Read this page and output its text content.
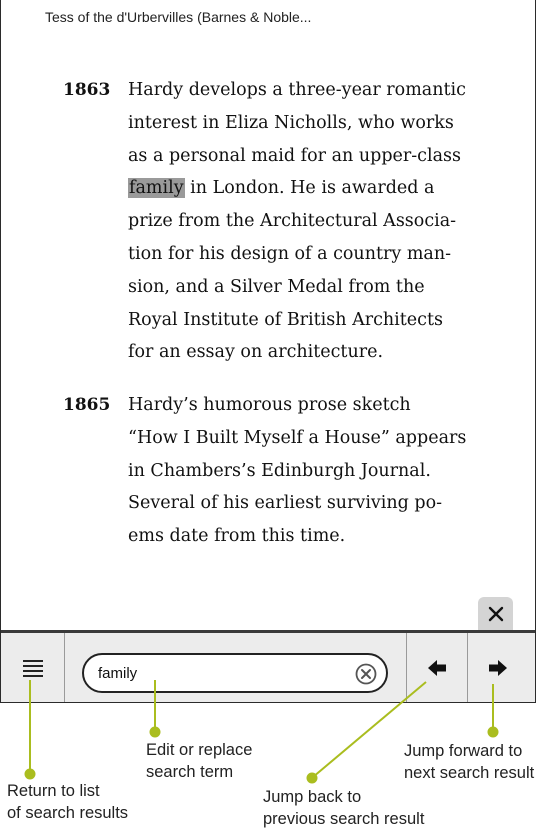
Tess of the d'Urbervilles (Barnes & Noble...
1863 Hardy develops a three-year romantic
interest in Eliza Nicholls, who works
as a personal maid for an upper-class
family in London. He is awarded a
prize from the Architectural Associa-
tion for his design of a country man-
sion, and a Silver Medal from the
Royal Institute of British Architects
for an essay on architecture.
1865 Hardy’s humorous prose sketch
“How I Built Myself a House” appears
in Chambers’s Edinburgh Journal.
Several of his earliest surviving po-
ems date from this time.
family
Return to list
of search results
Edit or replace
search term
Jump back to
previous search result
Jump forward to
next search result
